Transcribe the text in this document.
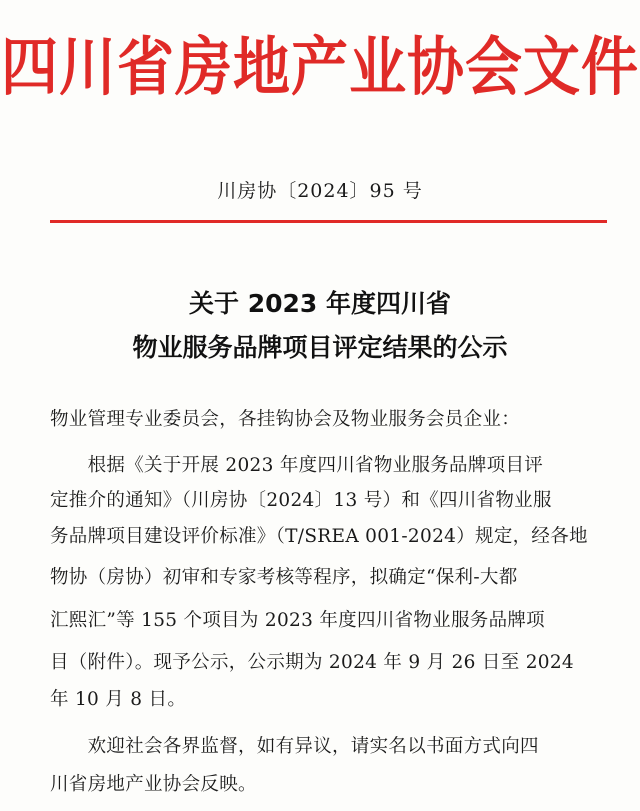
四川省房地产业协会文件
川房协〔2024〕95 号
关于 2023 年度四川省
物业服务品牌项目评定结果的公示
物业管理专业委员会，各挂钩协会及物业服务会员企业：
　　根据《关于开展 2023 年度四川省物业服务品牌项目评
定推介的通知》（川房协〔2024〕13 号）和《四川省物业服
务品牌项目建设评价标准》（T/SREA 001-2024）规定，经各地
物协（房协）初审和专家考核等程序，拟确定“保利-大都
汇熙汇”等 155 个项目为 2023 年度四川省物业服务品牌项
目（附件）。现予公示，公示期为 2024 年 9 月 26 日至 2024
年 10 月 8 日。
　　欢迎社会各界监督，如有异议，请实名以书面方式向四
川省房地产业协会反映。
